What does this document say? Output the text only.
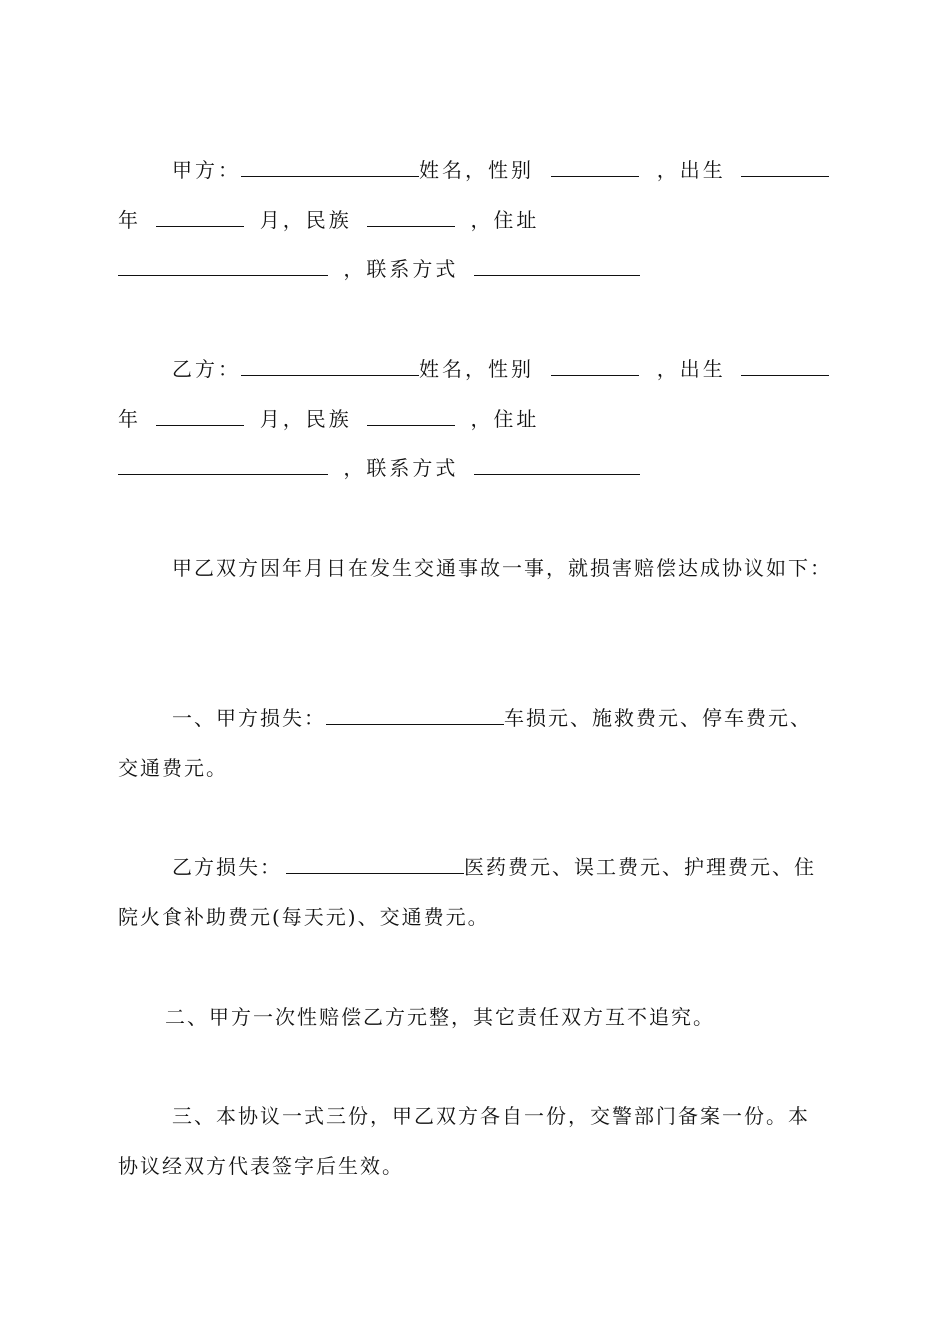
甲方：	姓名，性别	，出生
年	月，民族	，住址
，联系方式
乙方：	姓名，性别	，出生
年	月，民族	，住址
，联系方式
甲乙双方因年月日在发生交通事故一事，就损害赔偿达成协议如下：
一、甲方损失：	车损元、施救费元、停车费元、
交通费元。
乙方损失：	医药费元、误工费元、护理费元、住
院火食补助费元(每天元)、交通费元。
二、甲方一次性赔偿乙方元整，其它责任双方互不追究。
三、本协议一式三份，甲乙双方各自一份，交警部门备案一份。本
协议经双方代表签字后生效。
